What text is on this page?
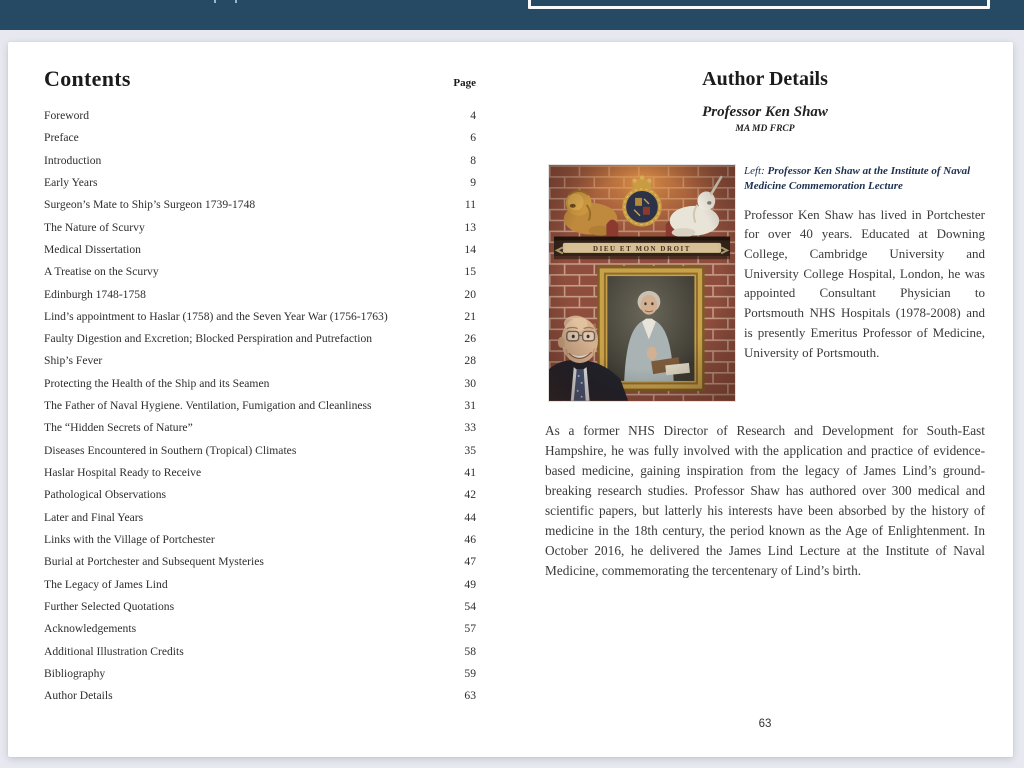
Contents	Page
Foreword	4
Preface	6
Introduction	8
Early Years	9
Surgeon’s Mate to Ship’s Surgeon 1739-1748	11
The Nature of Scurvy	13
Medical Dissertation	14
A Treatise on the Scurvy	15
Edinburgh 1748-1758	20
Lind’s appointment to Haslar (1758) and the Seven Year War (1756-1763)	21
Faulty Digestion and Excretion; Blocked Perspiration and Putrefaction	26
Ship’s Fever	28
Protecting the Health of the Ship and its Seamen	30
The Father of Naval Hygiene. Ventilation, Fumigation and Cleanliness	31
The “Hidden Secrets of Nature”	33
Diseases Encountered in Southern (Tropical) Climates	35
Haslar Hospital Ready to Receive	41
Pathological Observations	42
Later and Final Years	44
Links with the Village of Portchester	46
Burial at Portchester and Subsequent Mysteries	47
The Legacy of James Lind	49
Further Selected Quotations	54
Acknowledgements	57
Additional Illustration Credits	58
Bibliography	59
Author Details	63
Author Details
Professor Ken Shaw
MA MD FRCP

Left: Professor Ken Shaw at the Institute of Naval Medicine Commemoration Lecture

Professor Ken Shaw has lived in Portchester for over 40 years. Educated at Downing College, Cambridge University and University College Hospital, London, he was appointed Consultant Physician to Portsmouth NHS Hospitals (1978-2008) and is presently Emeritus Professor of Medicine, University of Portsmouth.

As a former NHS Director of Research and Development for South-East Hampshire, he was fully involved with the application and practice of evidence-based medicine, gaining inspiration from the legacy of James Lind’s ground-breaking research studies. Professor Shaw has authored over 300 medical and scientific papers, but latterly his interests have been absorbed by the history of medicine in the 18th century, the period known as the Age of Enlightenment. In October 2016, he delivered the James Lind Lecture at the Institute of Naval Medicine, commemorating the tercentenary of Lind’s birth.

63
